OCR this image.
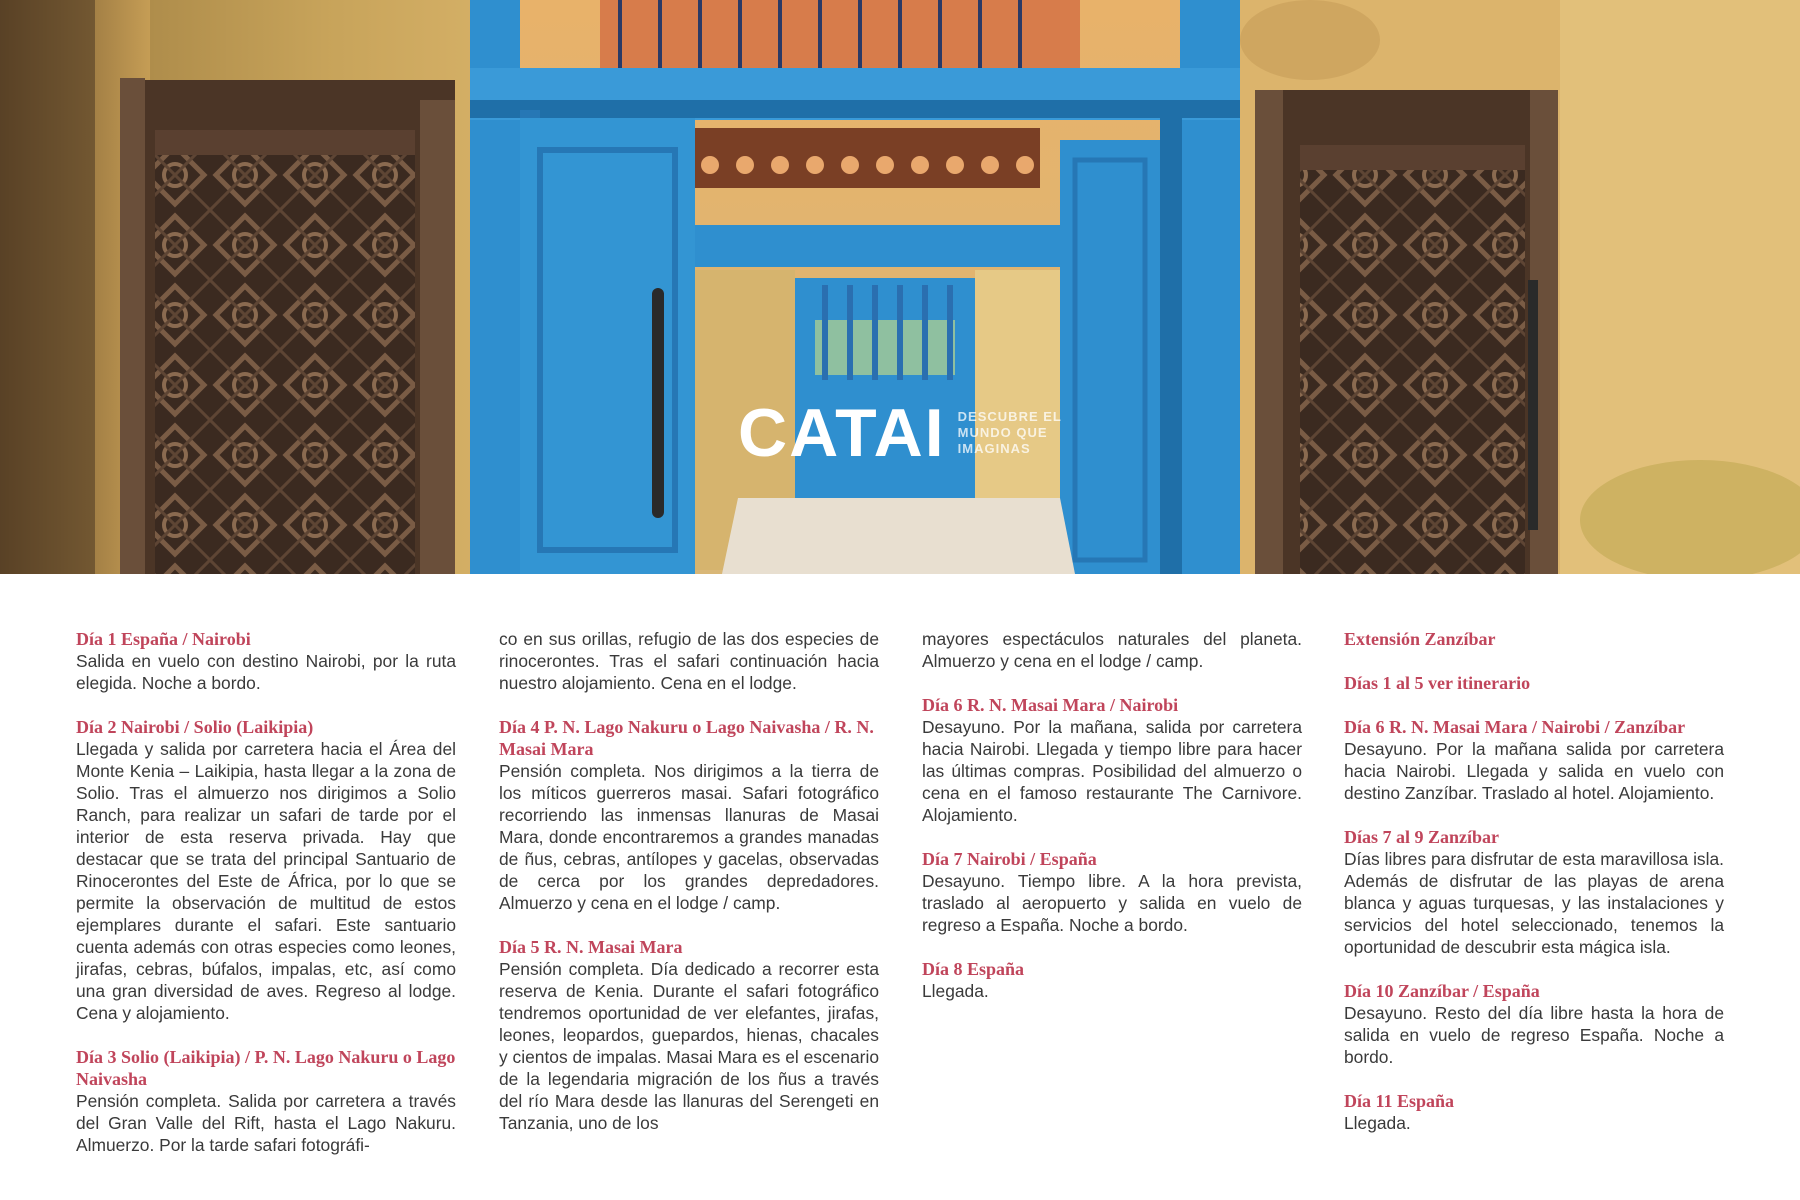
CATAI DESCUBRE EL
MUNDO QUE
IMAGINAS
Día 1 España / Nairobi

Salida en vuelo con destino Nairobi, por la ruta elegida. Noche a bordo.

Día 2 Nairobi / Solio (Laikipia)

Llegada y salida por carretera hacia el Área del Monte Kenia – Laikipia, hasta llegar a la zona de Solio. Tras el almuerzo nos dirigimos a Solio Ranch, para realizar un safari de tarde por el interior de esta reserva privada. Hay que destacar que se trata del principal Santuario de Rinocerontes del Este de África, por lo que se permite la observación de multitud de estos ejemplares durante el safari. Este santuario cuenta además con otras especies como leones, jirafas, cebras, búfalos, impalas, etc, así como una gran diversidad de aves. Regreso al lodge. Cena y alojamiento.

Día 3 Solio (Laikipia) / P. N. Lago Nakuru o Lago Naivasha

Pensión completa. Salida por carretera a través del Gran Valle del Rift, hasta el Lago Nakuru. Almuerzo. Por la tarde safari fotográfi-

co en sus orillas, refugio de las dos especies de rinocerontes. Tras el safari continuación hacia nuestro alojamiento. Cena en el lodge.

Día 4 P. N. Lago Nakuru o Lago Naivasha / R. N. Masai Mara

Pensión completa. Nos dirigimos a la tierra de los míticos guerreros masai. Safari fotográfico recorriendo las inmensas llanuras de Masai Mara, donde encontraremos a grandes manadas de ñus, cebras, antílopes y gacelas, observadas de cerca por los grandes depredadores. Almuerzo y cena en el lodge / camp.

Día 5 R. N. Masai Mara

Pensión completa. Día dedicado a recorrer esta reserva de Kenia. Durante el safari fotográfico tendremos oportunidad de ver elefantes, jirafas, leones, leopardos, guepardos, hienas, chacales y cientos de impalas. Masai Mara es el escenario de la legendaria migración de los ñus a través del río Mara desde las llanuras del Serengeti en Tanzania, uno de los

mayores espectáculos naturales del planeta. Almuerzo y cena en el lodge / camp.

Día 6 R. N. Masai Mara / Nairobi

Desayuno. Por la mañana, salida por carretera hacia Nairobi. Llegada y tiempo libre para hacer las últimas compras. Posibilidad del almuerzo o cena en el famoso restaurante The Carnivore. Alojamiento.

Día 7 Nairobi / España

Desayuno. Tiempo libre. A la hora prevista, traslado al aeropuerto y salida en vuelo de regreso a España. Noche a bordo.

Día 8 España

Llegada.

Extensión Zanzíbar
Días 1 al 5 ver itinerario
Día 6 R. N. Masai Mara / Nairobi / Zanzíbar

Desayuno. Por la mañana salida por carretera hacia Nairobi. Llegada y salida en vuelo con destino Zanzíbar. Traslado al hotel. Alojamiento.

Días 7 al 9 Zanzíbar

Días libres para disfrutar de esta maravillosa isla. Además de disfrutar de las playas de arena blanca y aguas turquesas, y las instalaciones y servicios del hotel seleccionado, tenemos la oportunidad de descubrir esta mágica isla.

Día 10 Zanzíbar / España

Desayuno. Resto del día libre hasta la hora de salida en vuelo de regreso España. Noche a bordo.

Día 11 España

Llegada.
